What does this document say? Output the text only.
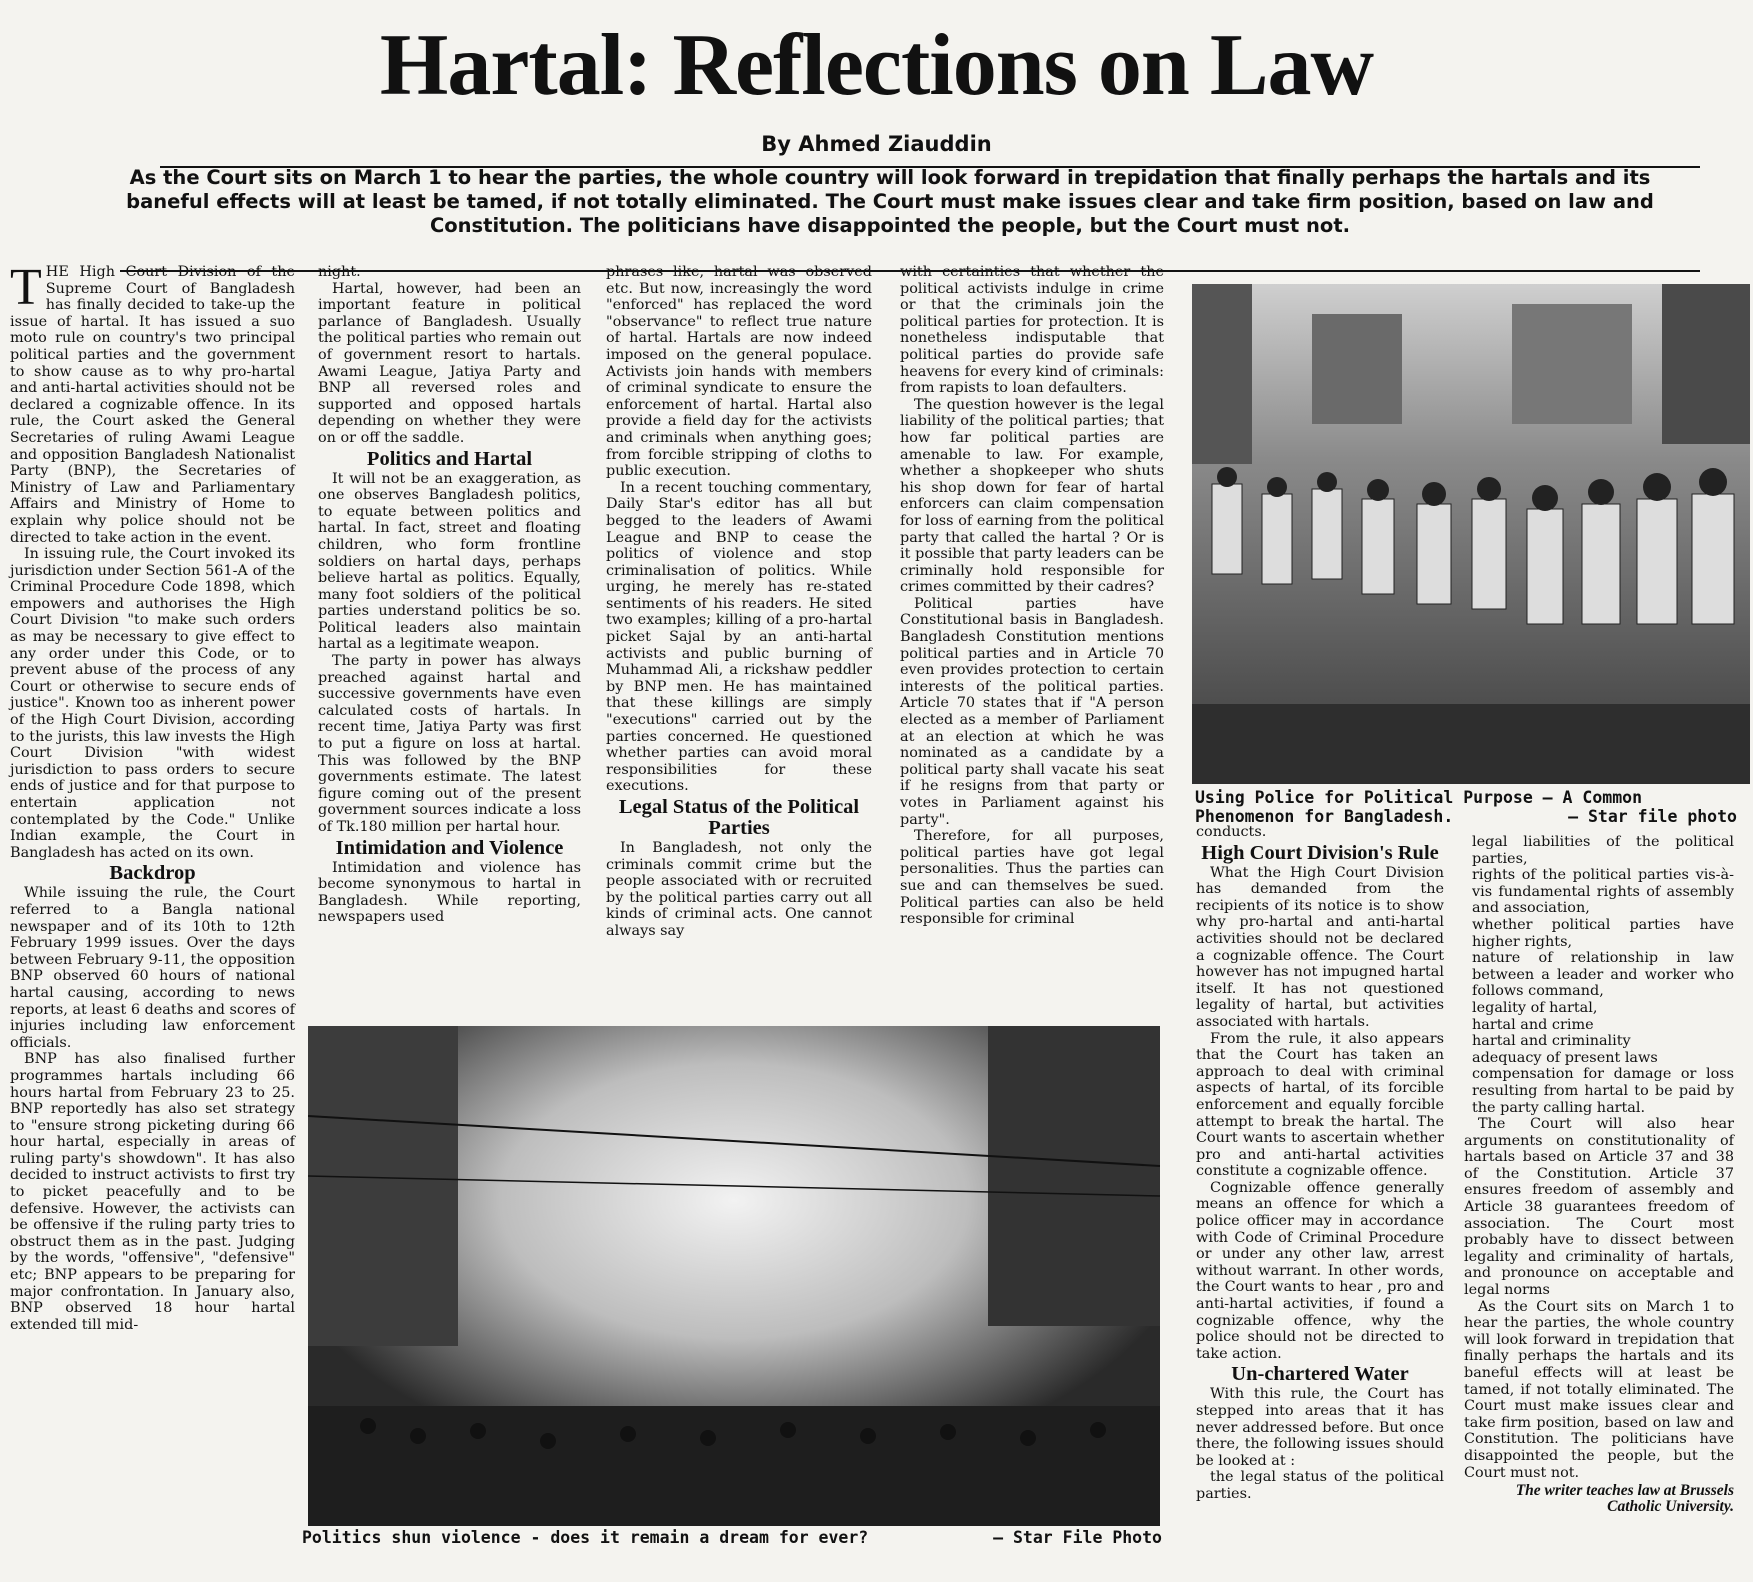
Hartal: Reflections on Law
By Ahmed Ziauddin
As the Court sits on March 1 to hear the parties, the whole country will look forward in trepidation that finally perhaps the hartals and its baneful effects will at least be tamed, if not totally eliminated. The Court must make issues clear and take firm position, based on law and Constitution. The politicians have disappointed the people, but the Court must not.

THE High Court Division of the Supreme Court of Bangladesh has finally decided to take-up the issue of hartal. It has issued a suo moto rule on country's two principal political parties and the government to show cause as to why pro-hartal and anti-hartal activities should not be declared a cognizable offence. In its rule, the Court asked the General Secretaries of ruling Awami League and opposition Bangladesh Nationalist Party (BNP), the Secretaries of Ministry of Law and Parliamentary Affairs and Ministry of Home to explain why police should not be directed to take action in the event.

In issuing rule, the Court invoked its jurisdiction under Section 561-A of the Criminal Procedure Code 1898, which empowers and authorises the High Court Division "to make such orders as may be necessary to give effect to any order under this Code, or to prevent abuse of the process of any Court or otherwise to secure ends of justice". Known too as inherent power of the High Court Division, according to the jurists, this law invests the High Court Division "with widest jurisdiction to pass orders to secure ends of justice and for that purpose to entertain application not contemplated by the Code." Unlike Indian example, the Court in Bangladesh has acted on its own.

Backdrop

While issuing the rule, the Court referred to a Bangla national newspaper and of its 10th to 12th February 1999 issues. Over the days between February 9-11, the opposition BNP observed 60 hours of national hartal causing, according to news reports, at least 6 deaths and scores of injuries including law enforcement officials.

BNP has also finalised further programmes hartals including 66 hours hartal from February 23 to 25. BNP reportedly has also set strategy to "ensure strong picketing during 66 hour hartal, especially in areas of ruling party's showdown". It has also decided to instruct activists to first try to picket peacefully and to be defensive. However, the activists can be offensive if the ruling party tries to obstruct them as in the past. Judging by the words, "offensive", "defensive" etc; BNP appears to be preparing for major confrontation. In January also, BNP observed 18 hour hartal extended till mid-

night.

Hartal, however, had been an important feature in political parlance of Bangladesh. Usually the political parties who remain out of government resort to hartals. Awami League, Jatiya Party and BNP all reversed roles and supported and opposed hartals depending on whether they were on or off the saddle.

Politics and Hartal

It will not be an exaggeration, as one observes Bangladesh politics, to equate between politics and hartal. In fact, street and floating children, who form frontline soldiers on hartal days, perhaps believe hartal as politics. Equally, many foot soldiers of the political parties understand politics be so. Political leaders also maintain hartal as a legitimate weapon.

The party in power has always preached against hartal and successive governments have even calculated costs of hartals. In recent time, Jatiya Party was first to put a figure on loss at hartal. This was followed by the BNP governments estimate. The latest figure coming out of the present government sources indicate a loss of Tk.180 million per hartal hour.

Intimidation and Violence

Intimidation and violence has become synonymous to hartal in Bangladesh. While reporting, newspapers used

phrases like, hartal was observed etc. But now, increasingly the word "enforced" has replaced the word "observance" to reflect true nature of hartal. Hartals are now indeed imposed on the general populace. Activists join hands with members of criminal syndicate to ensure the enforcement of hartal. Hartal also provide a field day for the activists and criminals when anything goes; from forcible stripping of cloths to public execution.

In a recent touching commentary, Daily Star's editor has all but begged to the leaders of Awami League and BNP to cease the politics of violence and stop criminalisation of politics. While urging, he merely has re-stated sentiments of his readers. He sited two examples; killing of a pro-hartal picket Sajal by an anti-hartal activists and public burning of Muhammad Ali, a rickshaw peddler by BNP men. He has maintained that these killings are simply "executions" carried out by the parties concerned. He questioned whether parties can avoid moral responsibilities for these executions.

Legal Status of the Political Parties

In Bangladesh, not only the criminals commit crime but the people associated with or recruited by the political parties carry out all kinds of criminal acts. One cannot always say

with certainties that whether the political activists indulge in crime or that the criminals join the political parties for protection. It is nonetheless indisputable that political parties do provide safe heavens for every kind of criminals: from rapists to loan defaulters.

The question however is the legal liability of the political parties; that how far political parties are amenable to law. For example, whether a shopkeeper who shuts his shop down for fear of hartal enforcers can claim compensation for loss of earning from the political party that called the hartal ? Or is it possible that party leaders can be criminally hold responsible for crimes committed by their cadres?

Political parties have Constitutional basis in Bangladesh. Bangladesh Constitution mentions political parties and in Article 70 even provides protection to certain interests of the political parties. Article 70 states that if "A person elected as a member of Parliament at an election at which he was nominated as a candidate by a political party shall vacate his seat if he resigns from that party or votes in Parliament against his party".

Therefore, for all purposes, political parties have got legal personalities. Thus the parties can sue and can themselves be sued. Political parties can also be held responsible for criminal

Using Police for Political Purpose — A Common
Phenomenon for Bangladesh.	— Star file photo
Politics shun violence - does it remain a dream for ever?	— Star File Photo

conducts.

High Court Division's Rule

What the High Court Division has demanded from the recipients of its notice is to show why pro-hartal and anti-hartal activities should not be declared a cognizable offence. The Court however has not impugned hartal itself. It has not questioned legality of hartal, but activities associated with hartals.

From the rule, it also appears that the Court has taken an approach to deal with criminal aspects of hartal, of its forcible enforcement and equally forcible attempt to break the hartal. The Court wants to ascertain whether pro and anti-hartal activities constitute a cognizable offence.

Cognizable offence generally means an offence for which a police officer may in accordance with Code of Criminal Procedure or under any other law, arrest without warrant. In other words, the Court wants to hear , pro and anti-hartal activities, if found a cognizable offence, why the police should not be directed to take action.

Un-chartered Water

With this rule, the Court has stepped into areas that it has never addressed before. But once there, the following issues should be looked at :

the legal status of the political parties.

legal liabilities of the political parties,
rights of the political parties vis-à-vis fundamental rights of assembly and association,
whether political parties have higher rights,
nature of relationship in law between a leader and worker who follows command,
legality of hartal,
hartal and crime
hartal and criminality
adequacy of present laws
compensation for damage or loss resulting from hartal to be paid by the party calling hartal.

The Court will also hear arguments on constitutionality of hartals based on Article 37 and 38 of the Constitution. Article 37 ensures freedom of assembly and Article 38 guarantees freedom of association. The Court most probably have to dissect between legality and criminality of hartals, and pronounce on acceptable and legal norms

As the Court sits on March 1 to hear the parties, the whole country will look forward in trepidation that finally perhaps the hartals and its baneful effects will at least be tamed, if not totally eliminated. The Court must make issues clear and take firm position, based on law and Constitution. The politicians have disappointed the people, but the Court must not.

The writer teaches law at Brussels Catholic University.
